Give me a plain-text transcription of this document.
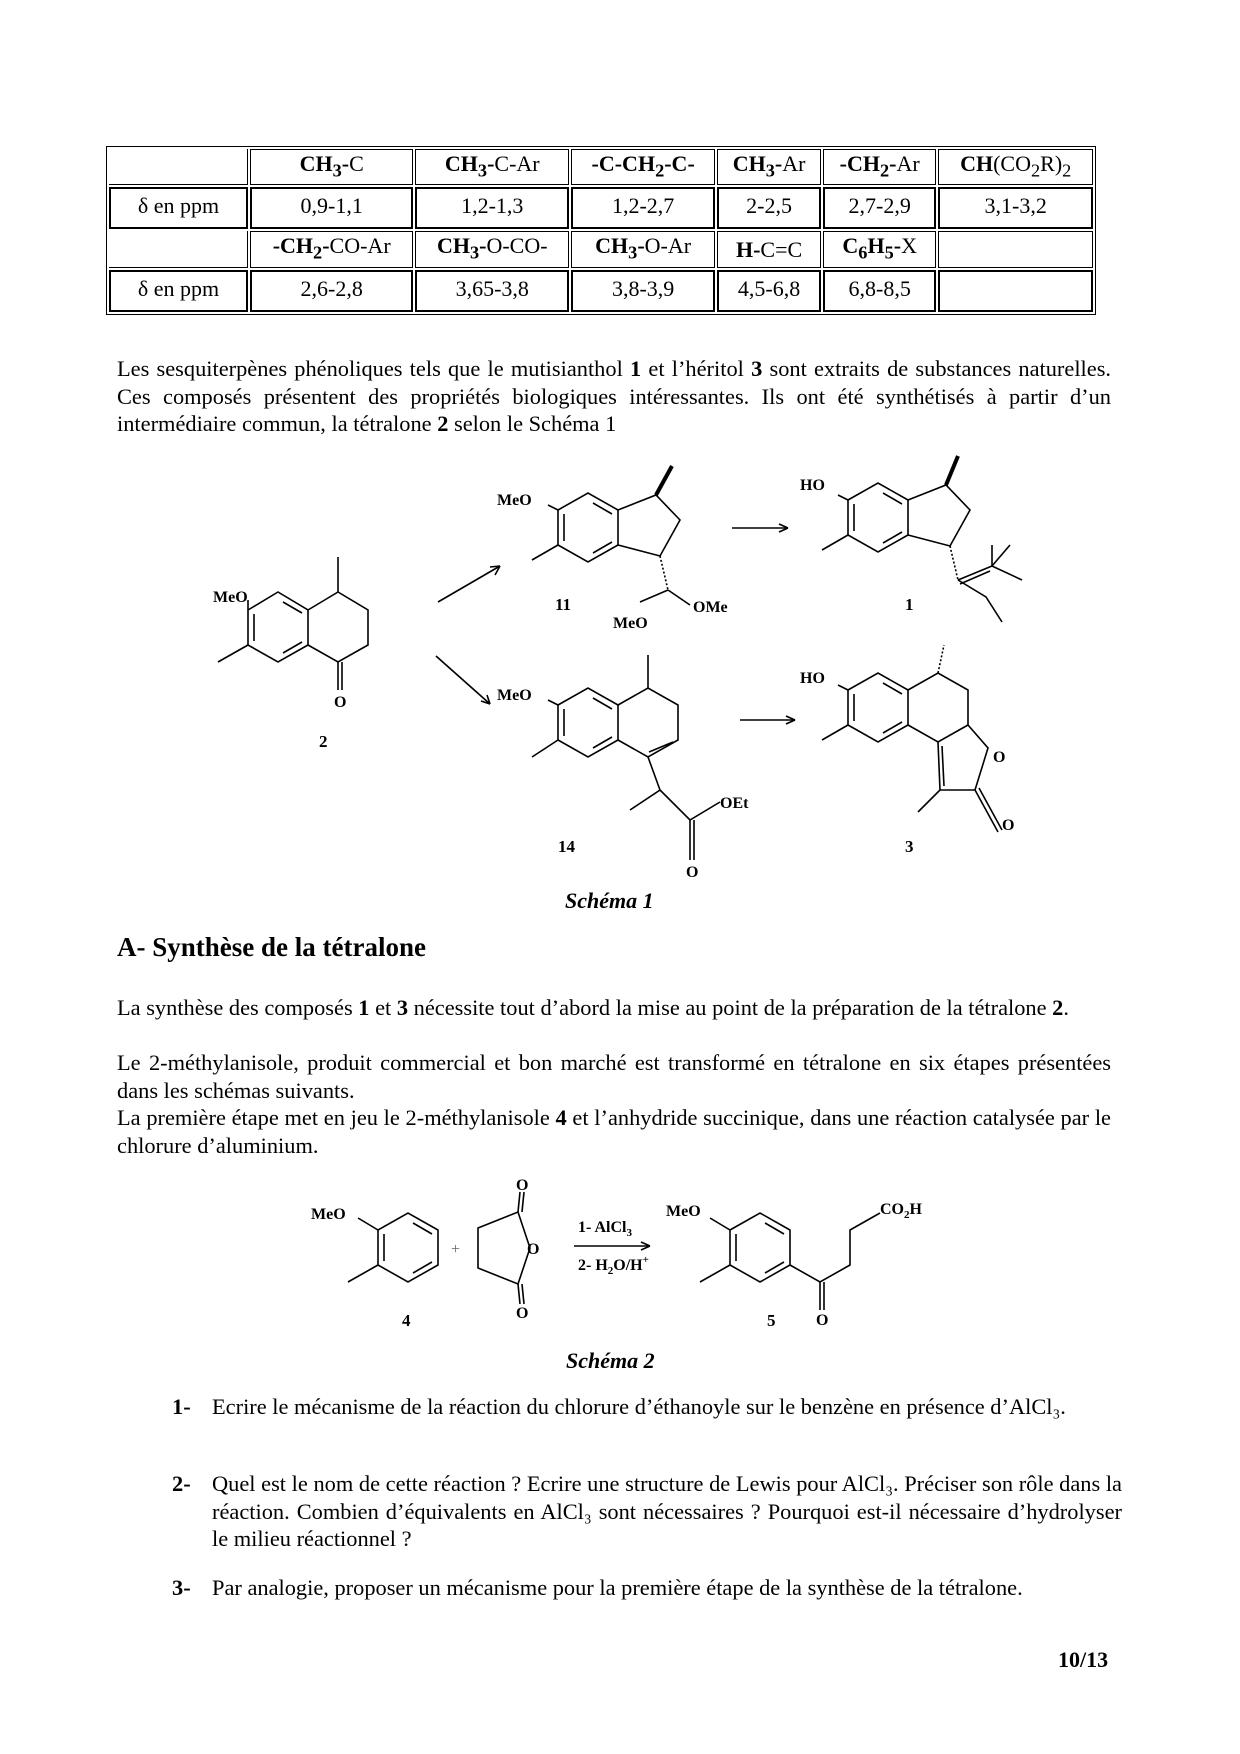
	$CH_3-C$	$CH_3-C-Ar$	$-C-CH_2-C-$	$CH_3-Ar$	$-CH_2-Ar$	$CH(CO_2R)_2$
δ en ppm	0,9-1,1	1,2-1,3	1,2-2,7	2-2,5	2,7-2,9	3,1-3,2
	$-CH_2-CO-Ar$	$CH_3-O-CO-$	$CH_3-O-Ar$	H-C=C	$C_6H_5-X$	
δ en ppm	2,6-2,8	3,65-3,8	3,8-3,9	4,5-6,8	6,8-8,5	
Les sesquiterpènes phénoliques tels que le mutisianthol 1 et l’héritol 3 sont extraits de substances naturelles. Ces composés présentent des propriétés biologiques intéressantes. Ils ont été synthétisés à partir d’un intermédiaire commun, la tétralone 2 selon le Schéma 1
MeO
O
2
MeO
OMe
MeO
11
HO
1
MeO
OEt
O
14
HO
O
O
3
Schéma 1
A- Synthèse de la tétralone
La synthèse des composés 1 et 3 nécessite tout d’abord la mise au point de la préparation de la tétralone 2.
Le 2-méthylanisole, produit commercial et bon marché est transformé en tétralone en six étapes présentées dans les schémas suivants.
La première étape met en jeu le 2-méthylanisole 4 et l’anhydride succinique, dans une réaction catalysée par le chlorure d’aluminium.
MeO
4
+
O
O
O
1- AlCl$_3$
2- $H_2O/H^+$
MeO	$CO_2H$
O
5
Schéma 2
1- Ecrire le mécanisme de la réaction du chlorure d’éthanoyle sur le benzène en présence d’AlCl₃.
2- Quel est le nom de cette réaction ? Ecrire une structure de Lewis pour AlCl₃. Préciser son rôle dans la réaction. Combien d’équivalents en AlCl₃ sont nécessaires ? Pourquoi est-il nécessaire d’hydrolyser le milieu réactionnel ?
3- Par analogie, proposer un mécanisme pour la première étape de la synthèse de la tétralone.
10/13
